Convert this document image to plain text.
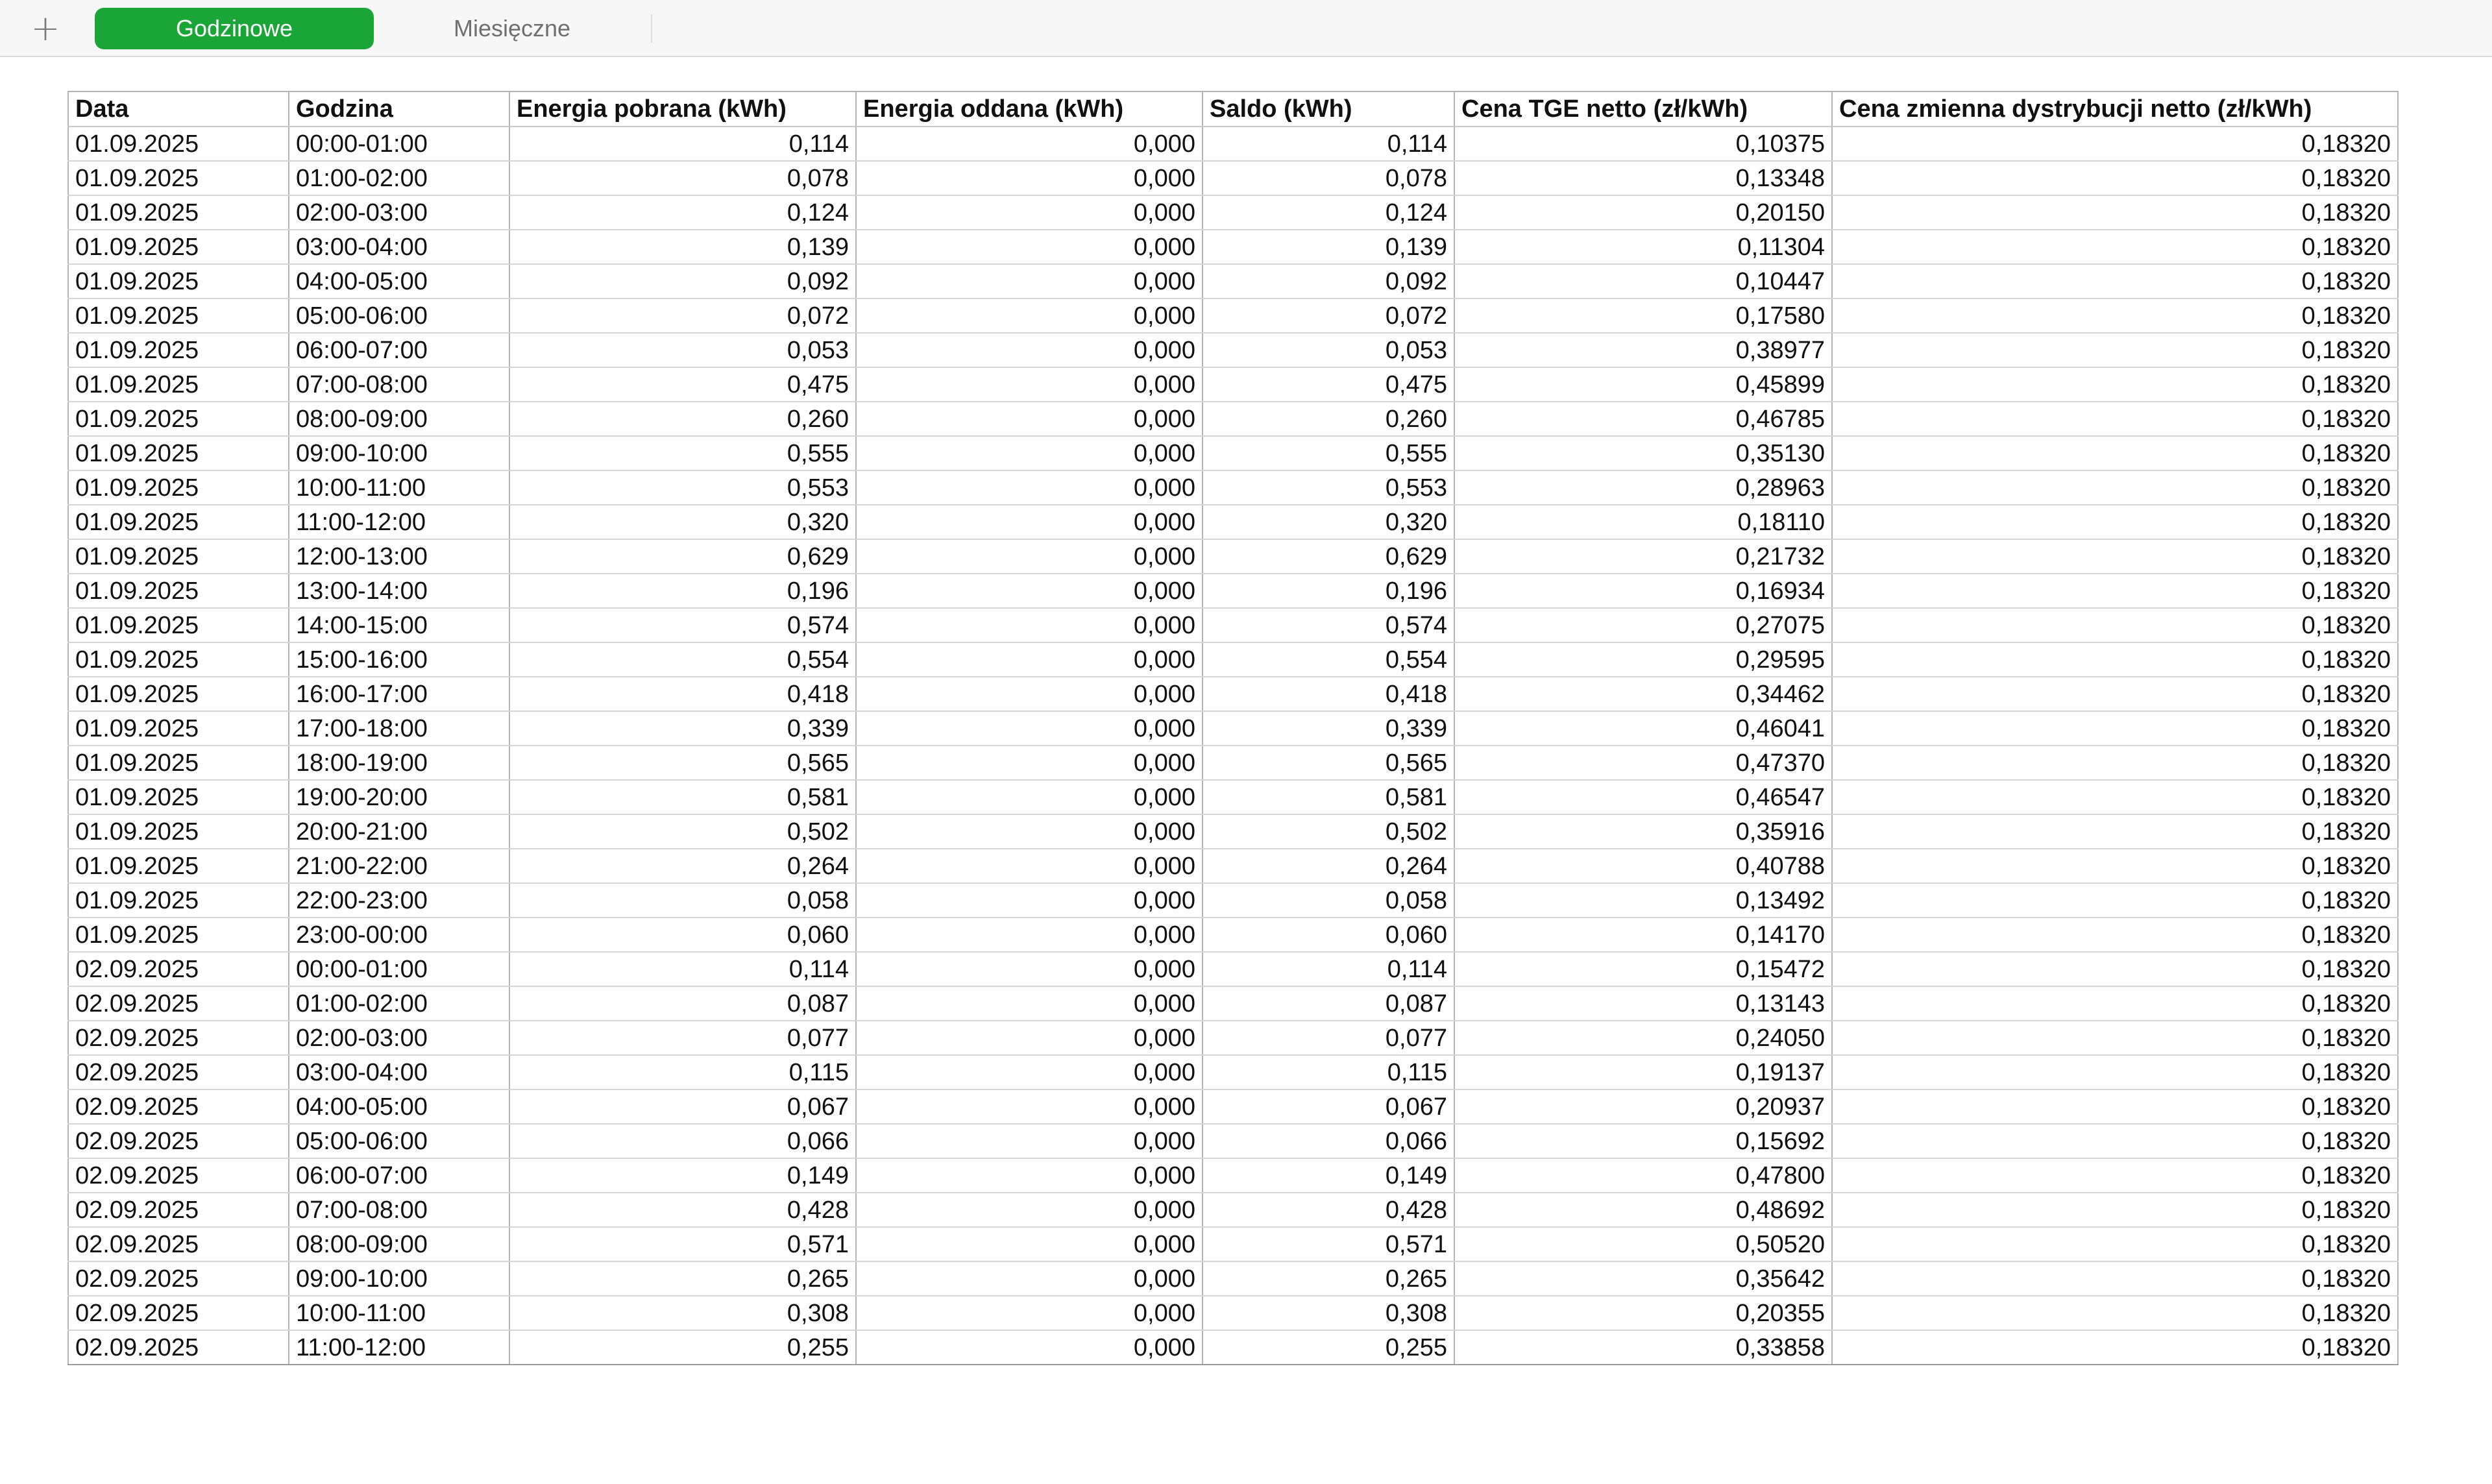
+	Godzinowe	Miesięczne
Data	Godzina	Energia pobrana (kWh)	Energia oddana (kWh)	Saldo (kWh)	Cena TGE netto (zł/kWh)	Cena zmienna dystrybucji netto (zł/kWh)
01.09.2025	00:00-01:00	0,114	0,000	0,114	0,10375	0,18320
01.09.2025	01:00-02:00	0,078	0,000	0,078	0,13348	0,18320
01.09.2025	02:00-03:00	0,124	0,000	0,124	0,20150	0,18320
01.09.2025	03:00-04:00	0,139	0,000	0,139	0,11304	0,18320
01.09.2025	04:00-05:00	0,092	0,000	0,092	0,10447	0,18320
01.09.2025	05:00-06:00	0,072	0,000	0,072	0,17580	0,18320
01.09.2025	06:00-07:00	0,053	0,000	0,053	0,38977	0,18320
01.09.2025	07:00-08:00	0,475	0,000	0,475	0,45899	0,18320
01.09.2025	08:00-09:00	0,260	0,000	0,260	0,46785	0,18320
01.09.2025	09:00-10:00	0,555	0,000	0,555	0,35130	0,18320
01.09.2025	10:00-11:00	0,553	0,000	0,553	0,28963	0,18320
01.09.2025	11:00-12:00	0,320	0,000	0,320	0,18110	0,18320
01.09.2025	12:00-13:00	0,629	0,000	0,629	0,21732	0,18320
01.09.2025	13:00-14:00	0,196	0,000	0,196	0,16934	0,18320
01.09.2025	14:00-15:00	0,574	0,000	0,574	0,27075	0,18320
01.09.2025	15:00-16:00	0,554	0,000	0,554	0,29595	0,18320
01.09.2025	16:00-17:00	0,418	0,000	0,418	0,34462	0,18320
01.09.2025	17:00-18:00	0,339	0,000	0,339	0,46041	0,18320
01.09.2025	18:00-19:00	0,565	0,000	0,565	0,47370	0,18320
01.09.2025	19:00-20:00	0,581	0,000	0,581	0,46547	0,18320
01.09.2025	20:00-21:00	0,502	0,000	0,502	0,35916	0,18320
01.09.2025	21:00-22:00	0,264	0,000	0,264	0,40788	0,18320
01.09.2025	22:00-23:00	0,058	0,000	0,058	0,13492	0,18320
01.09.2025	23:00-00:00	0,060	0,000	0,060	0,14170	0,18320
02.09.2025	00:00-01:00	0,114	0,000	0,114	0,15472	0,18320
02.09.2025	01:00-02:00	0,087	0,000	0,087	0,13143	0,18320
02.09.2025	02:00-03:00	0,077	0,000	0,077	0,24050	0,18320
02.09.2025	03:00-04:00	0,115	0,000	0,115	0,19137	0,18320
02.09.2025	04:00-05:00	0,067	0,000	0,067	0,20937	0,18320
02.09.2025	05:00-06:00	0,066	0,000	0,066	0,15692	0,18320
02.09.2025	06:00-07:00	0,149	0,000	0,149	0,47800	0,18320
02.09.2025	07:00-08:00	0,428	0,000	0,428	0,48692	0,18320
02.09.2025	08:00-09:00	0,571	0,000	0,571	0,50520	0,18320
02.09.2025	09:00-10:00	0,265	0,000	0,265	0,35642	0,18320
02.09.2025	10:00-11:00	0,308	0,000	0,308	0,20355	0,18320
02.09.2025	11:00-12:00	0,255	0,000	0,255	0,33858	0,18320
